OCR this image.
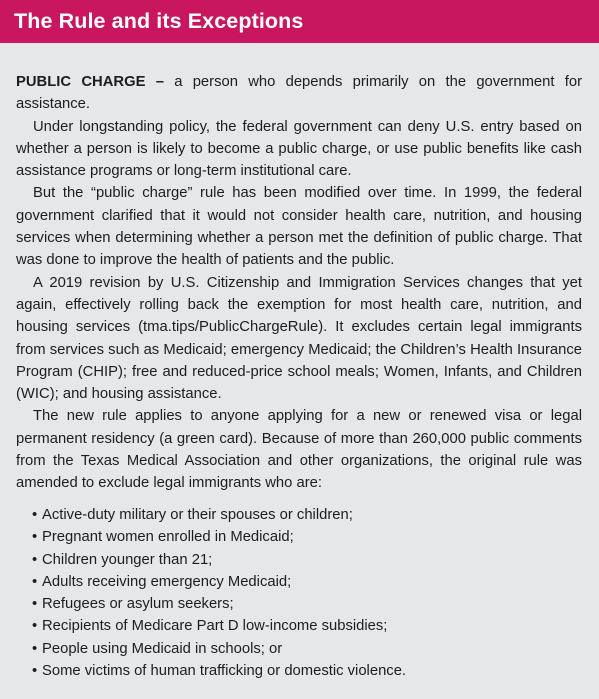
The Rule and its Exceptions

PUBLIC CHARGE – a person who depends primarily on the government for assistance.

Under longstanding policy, the federal government can deny U.S. entry based on whether a person is likely to become a public charge, or use public benefits like cash assistance programs or long-term institutional care.

But the “public charge” rule has been modified over time. In 1999, the federal government clarified that it would not consider health care, nutrition, and housing services when determining whether a person met the definition of public charge. That was done to improve the health of patients and the public.

A 2019 revision by U.S. Citizenship and Immigration Services changes that yet again, effectively rolling back the exemption for most health care, nutrition, and housing services (tma.tips/PublicChargeRule). It excludes certain legal immigrants from services such as Medicaid; emergency Medicaid; the Children’s Health Insurance Program (CHIP); free and reduced-price school meals; Women, Infants, and Children (WIC); and housing assistance.

The new rule applies to anyone applying for a new or renewed visa or legal permanent residency (a green card). Because of more than 260,000 public comments from the Texas Medical Association and other organizations, the original rule was amended to exclude legal immigrants who are:

• Active-duty military or their spouses or children;
• Pregnant women enrolled in Medicaid;
• Children younger than 21;
• Adults receiving emergency Medicaid;
• Refugees or asylum seekers;
• Recipients of Medicare Part D low-income subsidies;
• People using Medicaid in schools; or
• Some victims of human trafficking or domestic violence.
